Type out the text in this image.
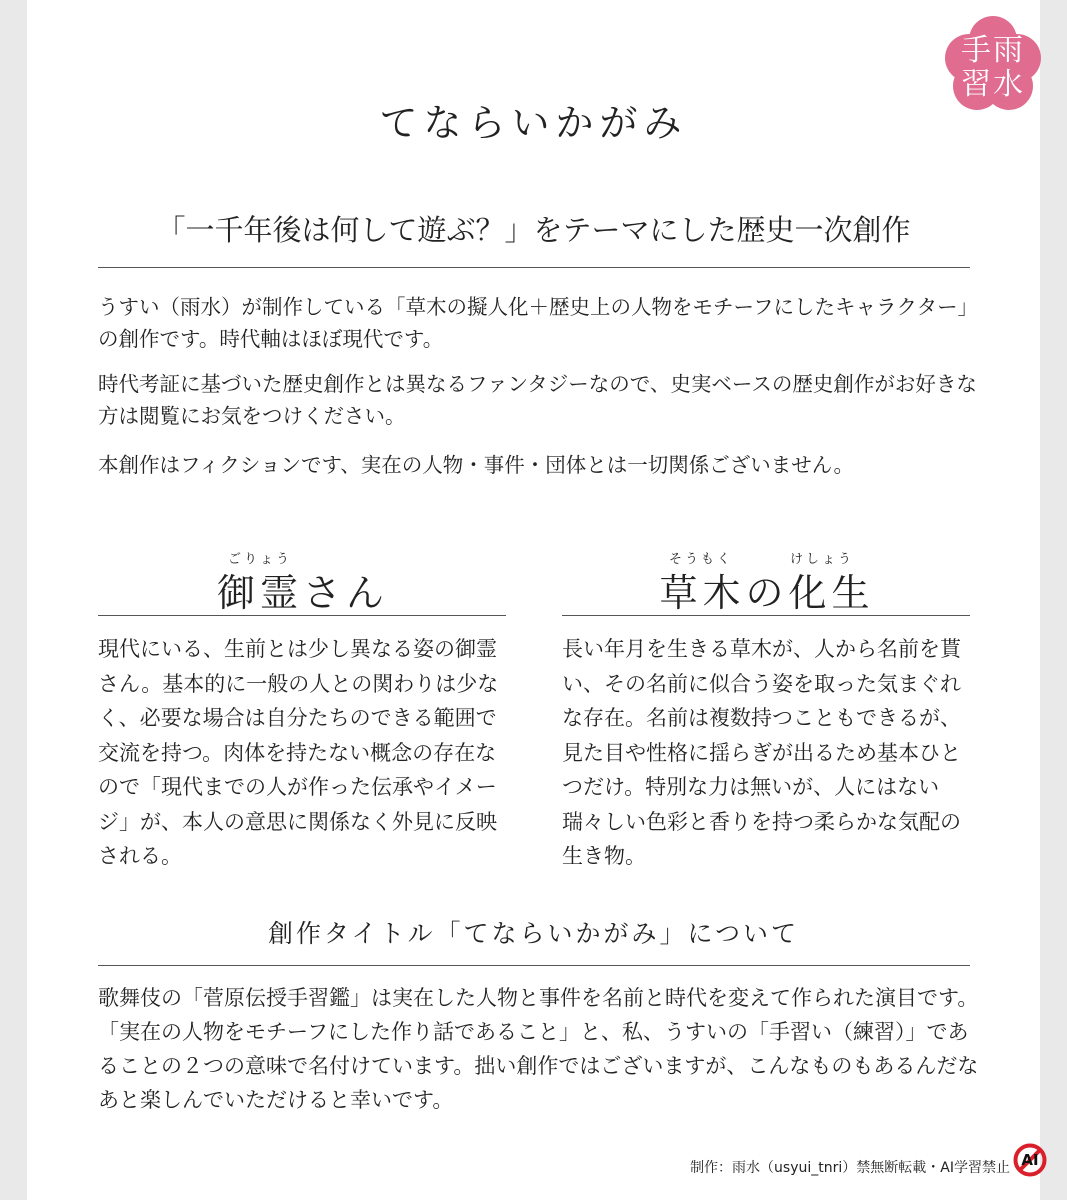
雨
水
手
習
てならいかがみ
「一千年後は何して遊ぶ？」をテーマにした歴史一次創作

うすい（雨水）が制作している「草木の擬人化＋歴史上の人物をモチーフにしたキャラクター」の創作です。時代軸はほぼ現代です。

時代考証に基づいた歴史創作とは異なるファンタジーなので、史実ベースの歴史創作がお好きな方は閲覧にお気をつけください。

本創作はフィクションです、実在の人物・事件・団体とは一切関係ございません。

ごりょう
御霊さん

現代にいる、生前とは少し異なる姿の御霊さん。基本的に一般の人との関わりは少なく、必要な場合は自分たちのできる範囲で交流を持つ。肉体を持たない概念の存在なので「現代までの人が作った伝承やイメージ」が、本人の意思に関係なく外見に反映される。

そうもく	けしょう
草木の化生

長い年月を生きる草木が、人から名前を貰い、その名前に似合う姿を取った気まぐれな存在。名前は複数持つこともできるが、見た目や性格に揺らぎが出るため基本ひとつだけ。特別な力は無いが、人にはない瑞々しい色彩と香りを持つ柔らかな気配の生き物。

創作タイトル「てならいかがみ」について

歌舞伎の「菅原伝授手習鑑」は実在した人物と事件を名前と時代を変えて作られた演目です。「実在の人物をモチーフにした作り話であること」と、私、うすいの「手習い（練習）」であることの２つの意味で名付けています。拙い創作ではございますが、こんなものもあるんだなあと楽しんでいただけると幸いです。

制作：雨水（usyui_tnri）禁無断転載・AI学習禁止 AI
